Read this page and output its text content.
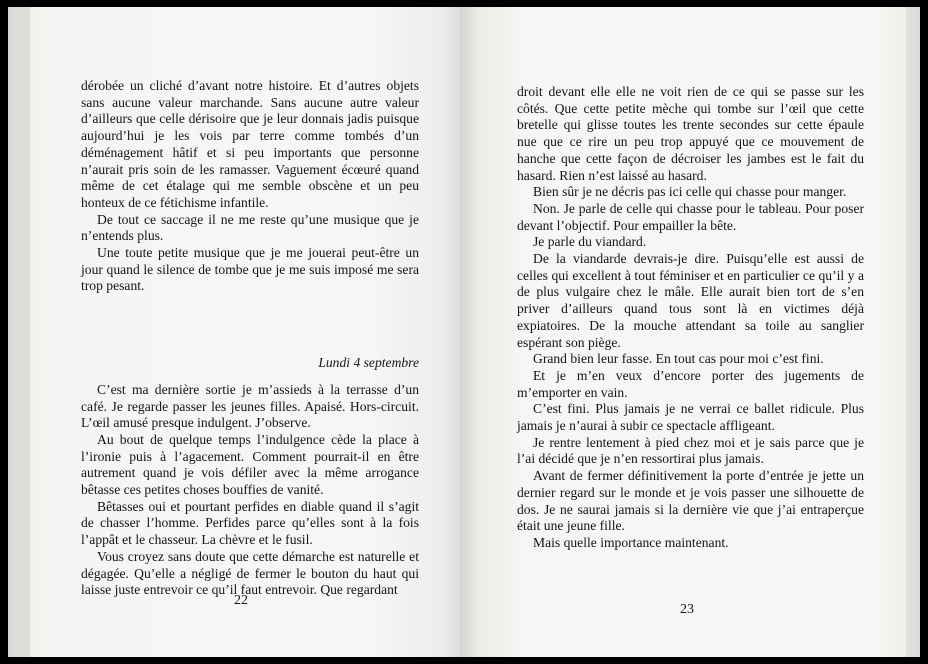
dérobée un cliché d’avant notre histoire. Et d’autres objets sans aucune valeur marchande. Sans aucune autre valeur d’ailleurs que celle dérisoire que je leur donnais jadis puisque aujourd’hui je les vois par terre comme tombés d’un déménagement hâtif et si peu importants que personne n’aurait pris soin de les ramasser. Vaguement écœuré quand même de cet étalage qui me semble obscène et un peu honteux de ce fétichisme infantile.

De tout ce saccage il ne me reste qu’une musique que je n’entends plus.

Une toute petite musique que je me jouerai peut-être un jour quand le silence de tombe que je me suis imposé me sera trop pesant.

Lundi 4 septembre

C’est ma dernière sortie je m’assieds à la terrasse d’un café. Je regarde passer les jeunes filles. Apaisé. Hors-circuit. L’œil amusé presque indulgent. J’observe.

Au bout de quelque temps l’indulgence cède la place à l’ironie puis à l’agacement. Comment pourrait-il en être autrement quand je vois défiler avec la même arrogance bêtasse ces petites choses bouffies de vanité.

Bêtasses oui et pourtant perfides en diable quand il s’agit de chasser l’homme. Perfides parce qu’elles sont à la fois l’appât et le chasseur. La chèvre et le fusil.

Vous croyez sans doute que cette démarche est naturelle et dégagée. Qu’elle a négligé de fermer le bouton du haut qui laisse juste entrevoir ce qu’il faut entrevoir. Que regardant

22

droit devant elle elle ne voit rien de ce qui se passe sur les côtés. Que cette petite mèche qui tombe sur l’œil que cette bretelle qui glisse toutes les trente secondes sur cette épaule nue que ce rire un peu trop appuyé que ce mouvement de hanche que cette façon de décroiser les jambes est le fait du hasard. Rien n’est laissé au hasard.

Bien sûr je ne décris pas ici celle qui chasse pour manger.

Non. Je parle de celle qui chasse pour le tableau. Pour poser devant l’objectif. Pour empailler la bête.

Je parle du viandard.

De la viandarde devrais-je dire. Puisqu’elle est aussi de celles qui excellent à tout féminiser et en particulier ce qu’il y a de plus vulgaire chez le mâle. Elle aurait bien tort de s’en priver d’ailleurs quand tous sont là en victimes déjà expiatoires. De la mouche attendant sa toile au sanglier espérant son piège.

Grand bien leur fasse. En tout cas pour moi c’est fini.

Et je m’en veux d’encore porter des jugements de m’emporter en vain.

C’est fini. Plus jamais je ne verrai ce ballet ridicule. Plus jamais je n’aurai à subir ce spectacle affligeant.

Je rentre lentement à pied chez moi et je sais parce que je l’ai décidé que je n’en ressortirai plus jamais.

Avant de fermer définitivement la porte d’entrée je jette un dernier regard sur le monde et je vois passer une silhouette de dos. Je ne saurai jamais si la dernière vie que j’ai entraperçue était une jeune fille.

Mais quelle importance maintenant.

23
